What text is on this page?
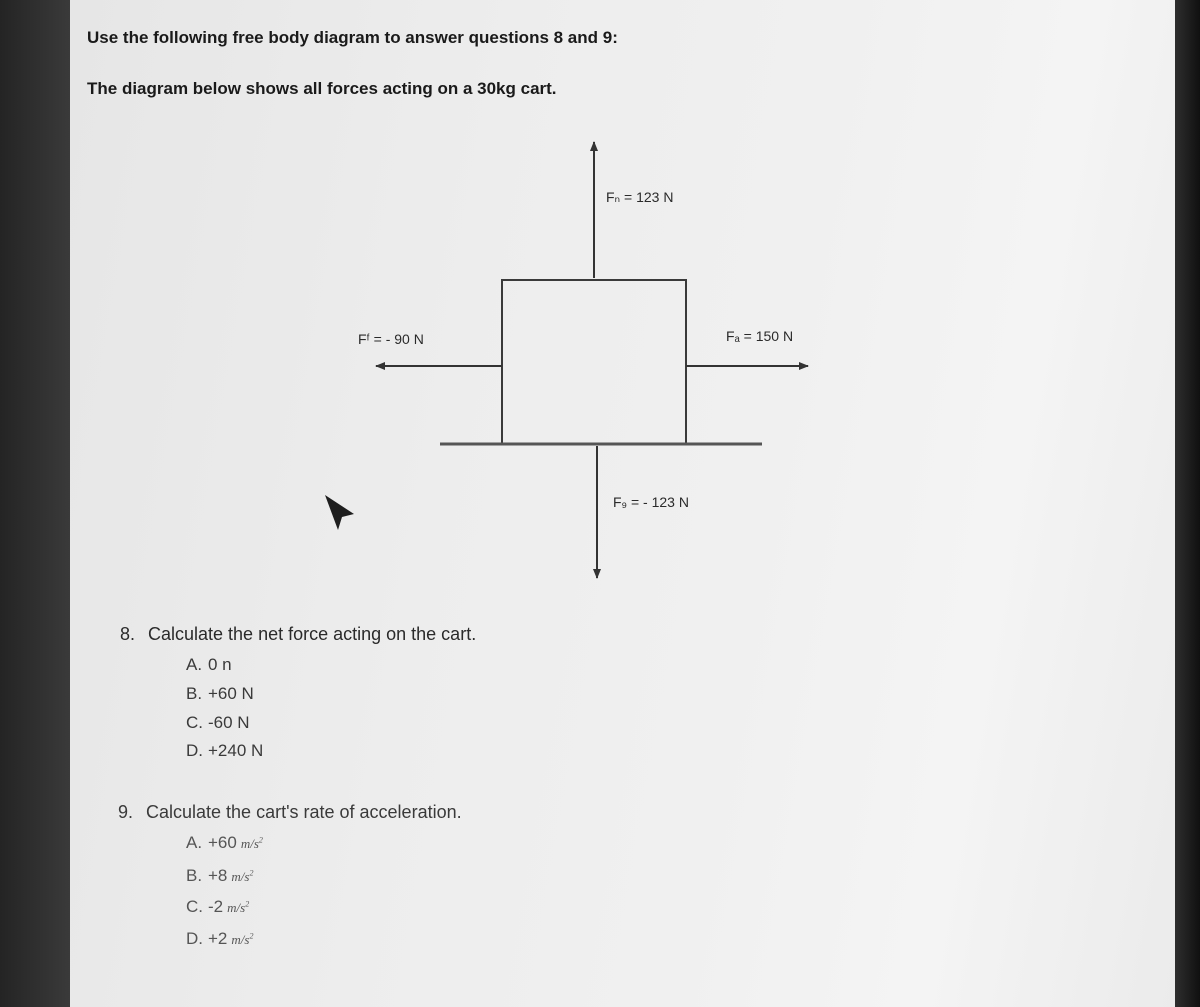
Use the following free body diagram to answer questions 8 and 9:
The diagram below shows all forces acting on a 30kg cart.
Fₙ = 123 N
Fᶠ = - 90 N	Fₐ = 150 N
F₉ = - 123 N
8. Calculate the net force acting on the cart.
A. 0 n
B. +60 N
C. -60 N
D. +240 N
9. Calculate the cart's rate of acceleration.
A. +60 $m/s^2$
B. +8 $m/s^2$
C. -2 $m/s^2$
D. +2 $m/s^2$
